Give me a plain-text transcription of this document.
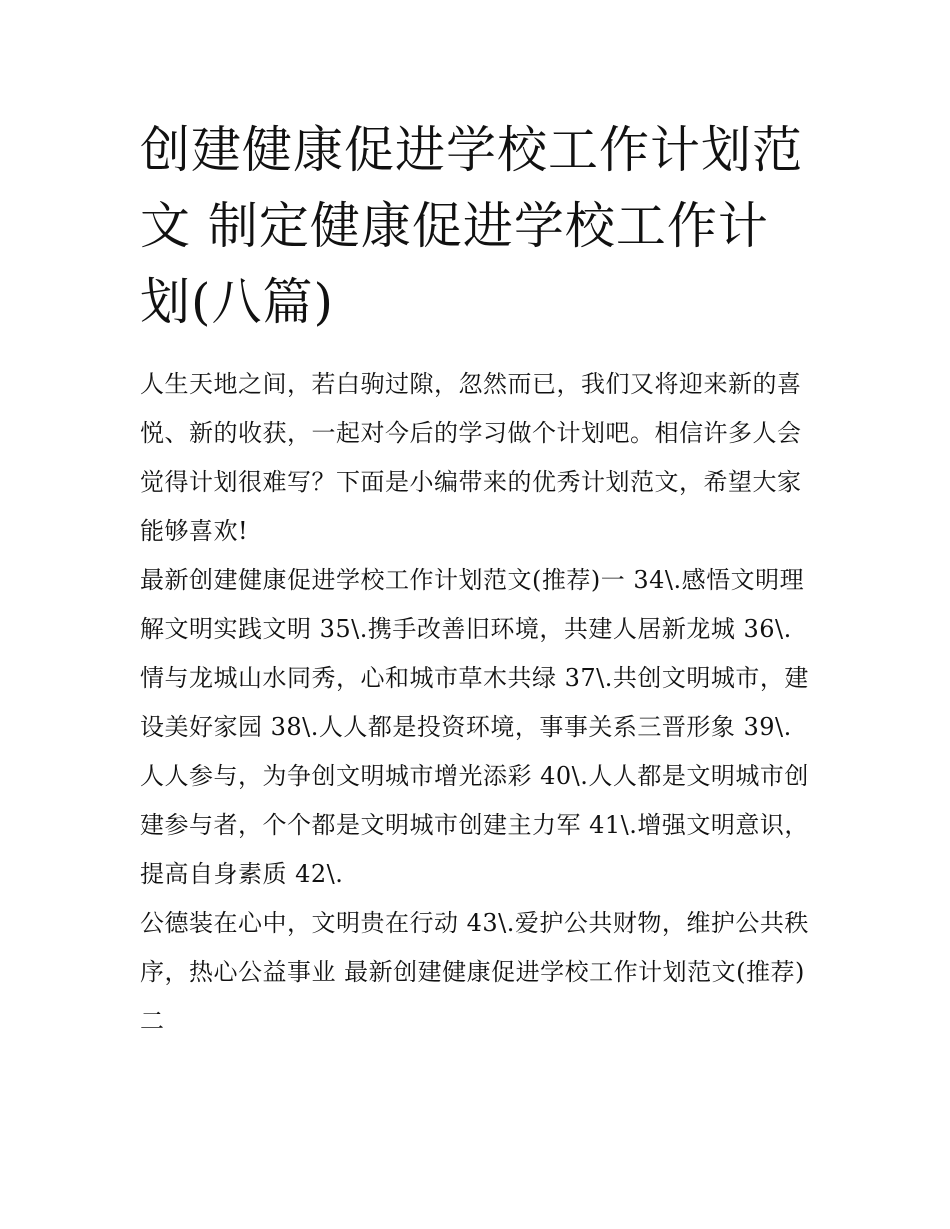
创建健康促进学校工作计划范文 制定健康促进学校工作计划(八篇)

人生天地之间，若白驹过隙，忽然而已，我们又将迎来新的喜悦、新的收获，一起对今后的学习做个计划吧。相信许多人会觉得计划很难写？下面是小编带来的优秀计划范文，希望大家能够喜欢!

最新创建健康促进学校工作计划范文(推荐)一 34\.感悟文明理解文明实践文明 35\.携手改善旧环境，共建人居新龙城 36\.情与龙城山水同秀，心和城市草木共绿 37\.共创文明城市，建设美好家园 38\.人人都是投资环境，事事关系三晋形象 39\.

人人参与，为争创文明城市增光添彩 40\.人人都是文明城市创建参与者，个个都是文明城市创建主力军 41\.增强文明意识，提高自身素质 42\.

公德装在心中，文明贵在行动 43\.爱护公共财物，维护公共秩序，热心公益事业 最新创建健康促进学校工作计划范文(推荐)二
